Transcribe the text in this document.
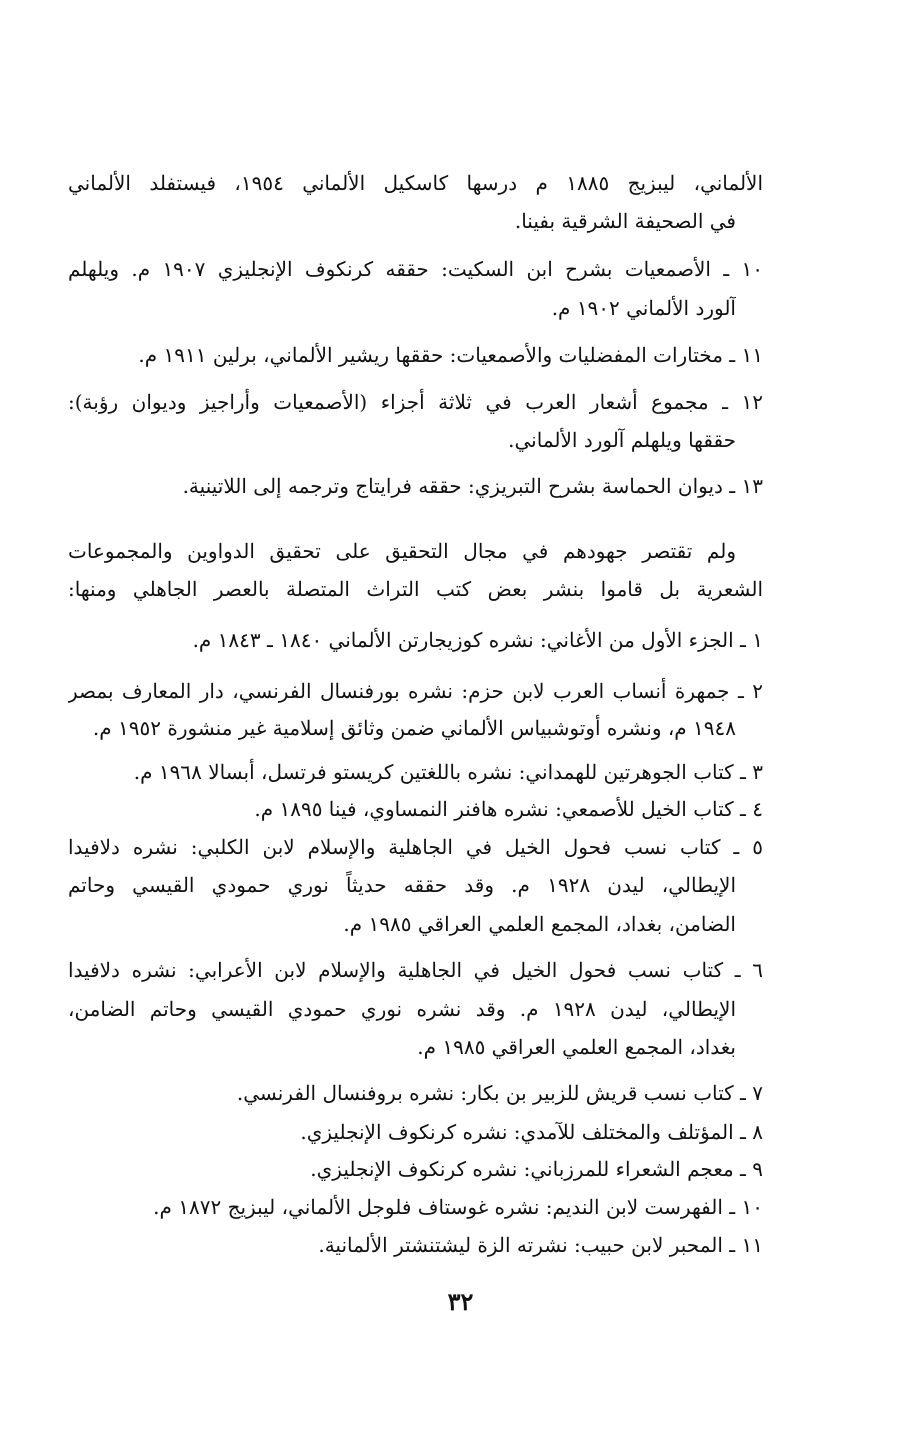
الألماني، ليبزيج ١٨٨٥ م درسها كاسكيل الألماني ١٩٥٤، فيستفلد الألماني
في الصحيفة الشرقية بفينا.
١٠ ـ الأصمعيات بشرح ابن السكيت: حققه كرنكوف الإنجليزي ١٩٠٧ م. ويلهلم
آلورد الألماني ١٩٠٢ م.
١١ ـ مختارات المفضليات والأصمعيات: حققها ريشير الألماني، برلين ١٩١١ م.
١٢ ـ مجموع أشعار العرب في ثلاثة أجزاء (الأصمعيات وأراجيز وديوان رؤبة):
حققها ويلهلم آلورد الألماني.
١٣ ـ ديوان الحماسة بشرح التبريزي: حققه فرايتاج وترجمه إلى اللاتينية.
ولم تقتصر جهودهم في مجال التحقيق على تحقيق الدواوين والمجموعات
الشعرية بل قاموا بنشر بعض كتب التراث المتصلة بالعصر الجاهلي ومنها:
١ ـ الجزء الأول من الأغاني: نشره كوزيجارتن الألماني ١٨٤٠ ـ ١٨٤٣ م.
٢ ـ جمهرة أنساب العرب لابن حزم: نشره بورفنسال الفرنسي، دار المعارف بمصر
١٩٤٨ م، ونشره أوتوشبياس الألماني ضمن وثائق إسلامية غير منشورة ١٩٥٢ م.
٣ ـ كتاب الجوهرتين للهمداني: نشره باللغتين كريستو فرتسل، أبسالا ١٩٦٨ م.
٤ ـ كتاب الخيل للأصمعي: نشره هافنر النمساوي، فينا ١٨٩٥ م.
٥ ـ كتاب نسب فحول الخيل في الجاهلية والإسلام لابن الكلبي: نشره دلافيدا
الإيطالي، ليدن ١٩٢٨ م. وقد حققه حديثاً نوري حمودي القيسي وحاتم
الضامن، بغداد، المجمع العلمي العراقي ١٩٨٥ م.
٦ ـ كتاب نسب فحول الخيل في الجاهلية والإسلام لابن الأعرابي: نشره دلافيدا
الإيطالي، ليدن ١٩٢٨ م. وقد نشره نوري حمودي القيسي وحاتم الضامن،
بغداد، المجمع العلمي العراقي ١٩٨٥ م.
٧ ـ كتاب نسب قريش للزبير بن بكار: نشره بروفنسال الفرنسي.
٨ ـ المؤتلف والمختلف للآمدي: نشره كرنكوف الإنجليزي.
٩ ـ معجم الشعراء للمرزباني: نشره كرنكوف الإنجليزي.
١٠ ـ الفهرست لابن النديم: نشره غوستاف فلوجل الألماني، ليبزيج ١٨٧٢ م.
١١ ـ المحبر لابن حبيب: نشرته الزة ليشتنشتر الألمانية.
٣٢
